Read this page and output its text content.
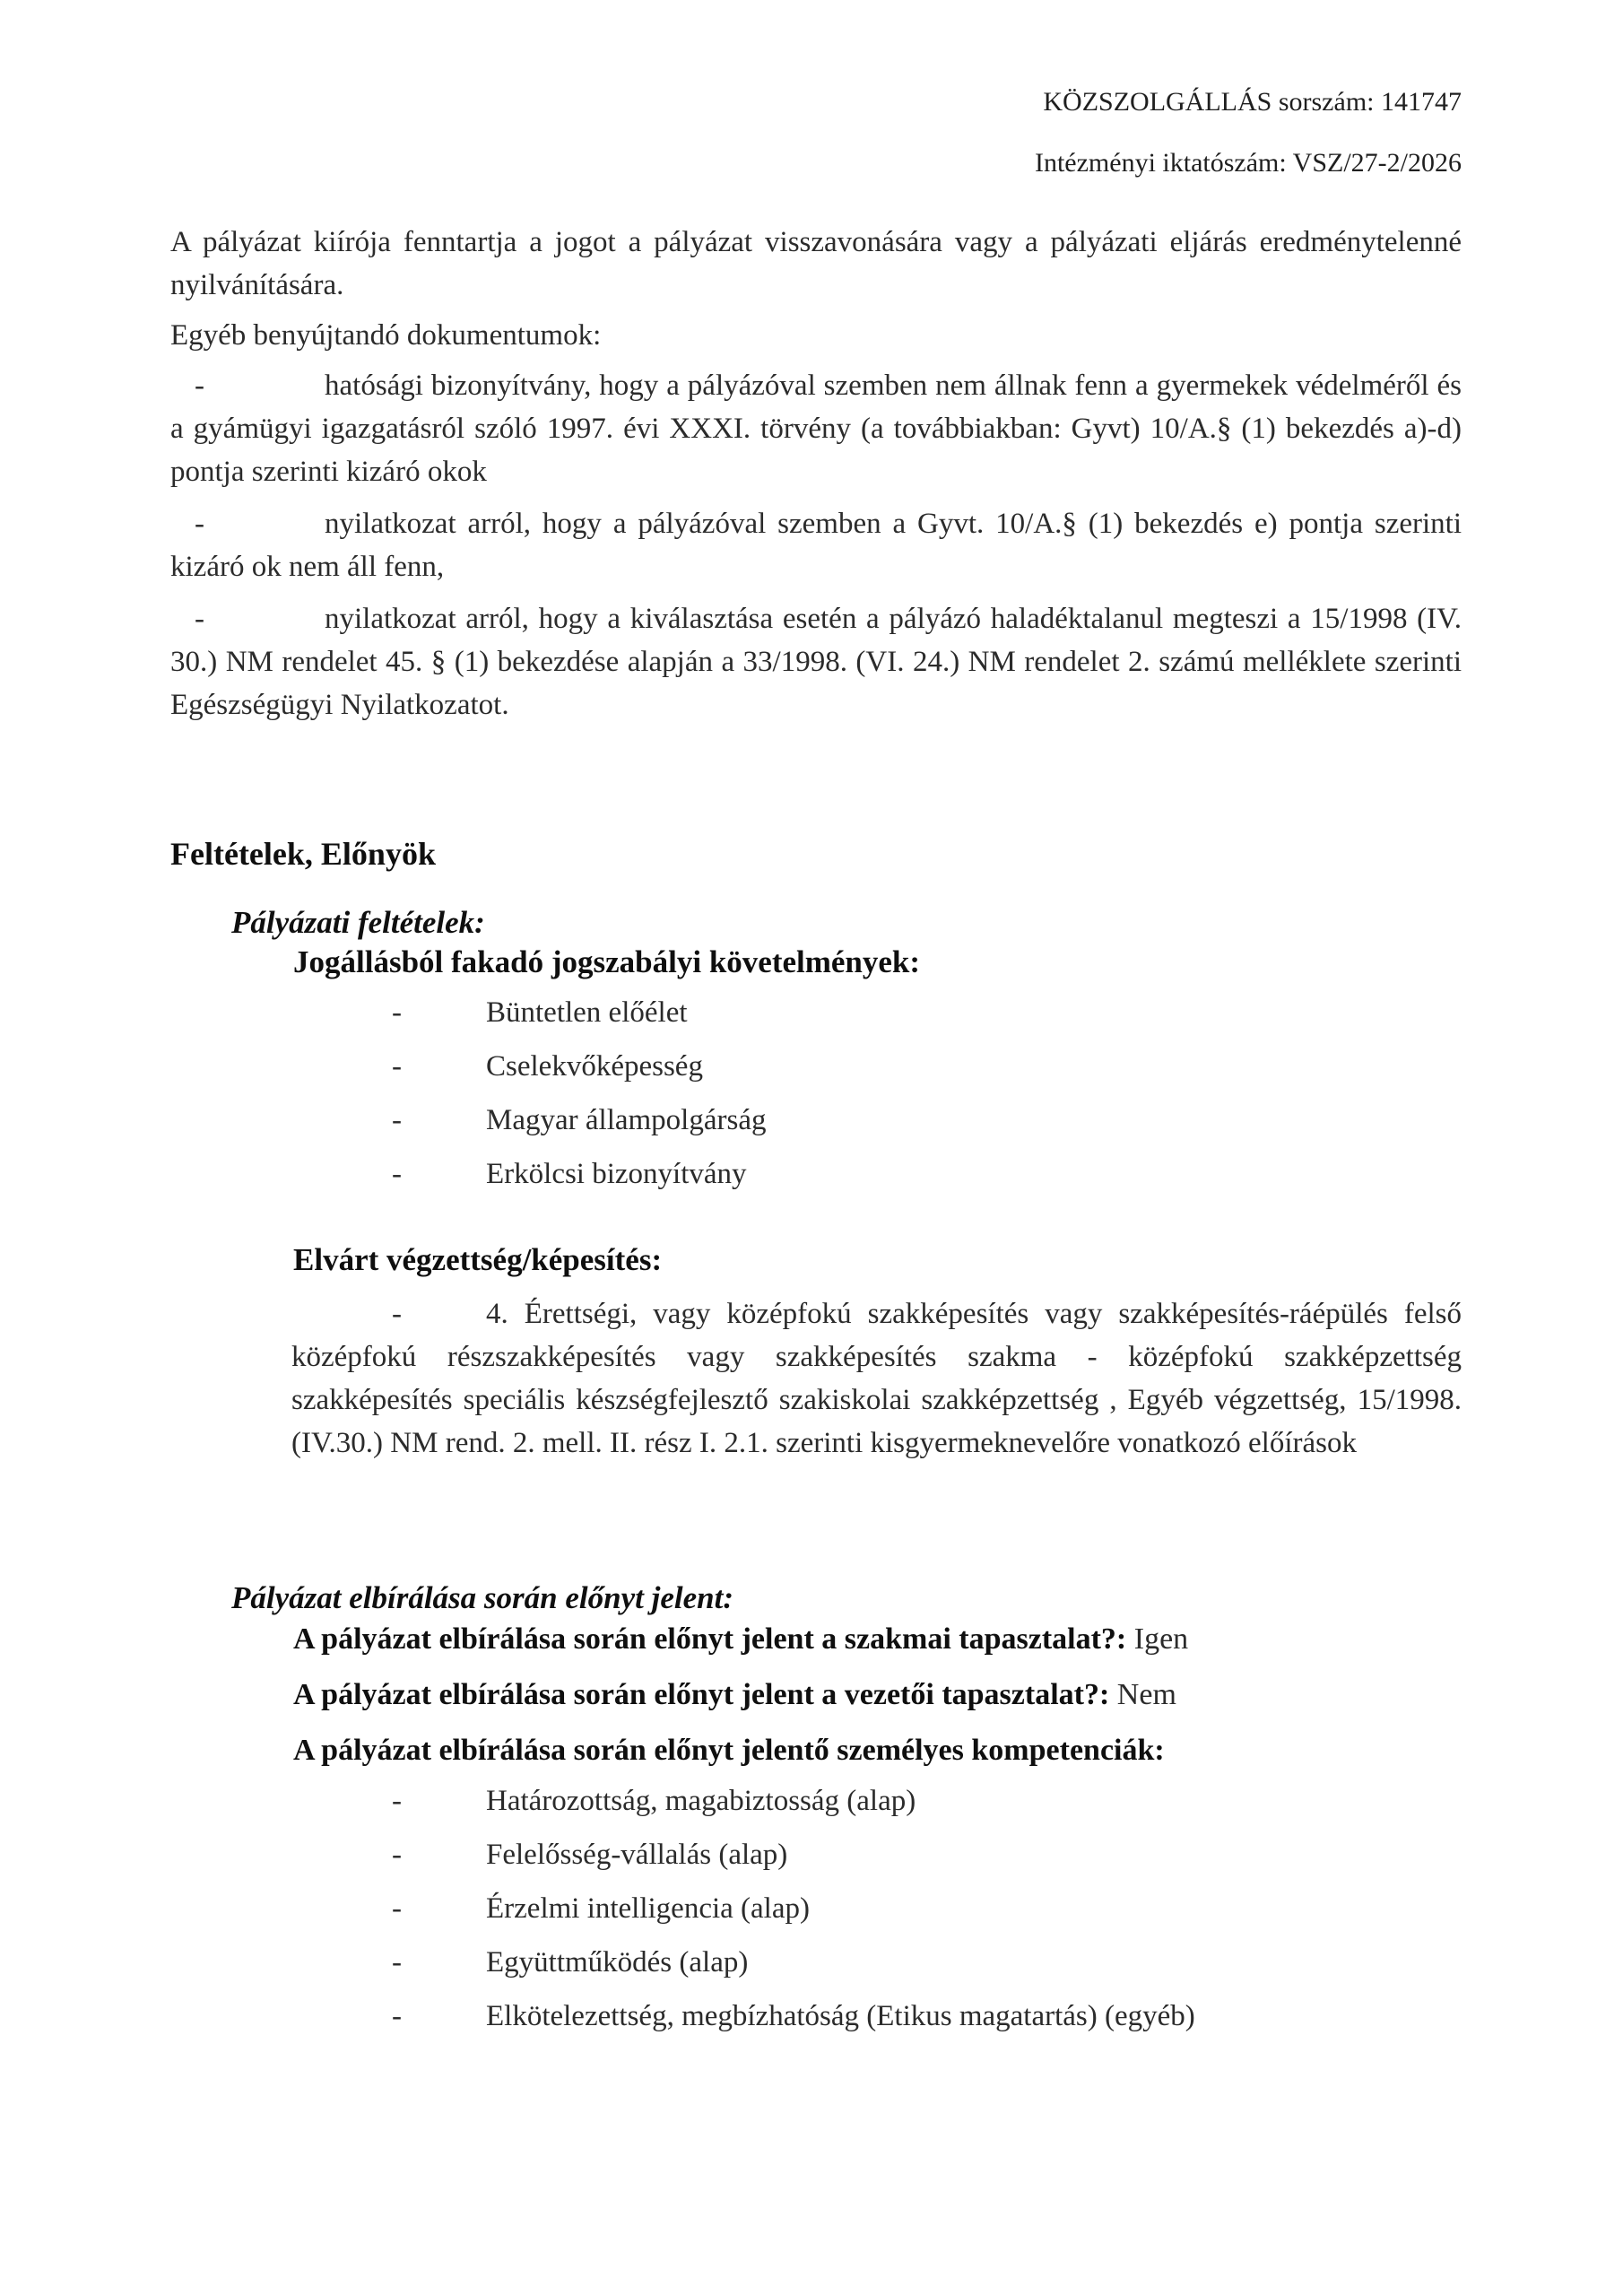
KÖZSZOLGÁLLÁS sorszám: 141747
Intézményi iktatószám: VSZ/27-2/2026

A pályázat kiírója fenntartja a jogot a pályázat visszavonására vagy a pályázati eljárás eredménytelenné nyilvánítására.

Egyéb benyújtandó dokumentumok:

-	hatósági bizonyítvány, hogy a pályázóval szemben nem állnak fenn a gyermekek védelméről és a gyámügyi igazgatásról szóló 1997. évi XXXI. törvény (a továbbiakban: Gyvt) 10/A.§ (1) bekezdés a)-d) pontja szerinti kizáró okok

-	nyilatkozat arról, hogy a pályázóval szemben a Gyvt. 10/A.§ (1) bekezdés e) pontja szerinti kizáró ok nem áll fenn,

-	nyilatkozat arról, hogy a kiválasztása esetén a pályázó haladéktalanul megteszi a 15/1998 (IV. 30.) NM rendelet 45. § (1) bekezdése alapján a 33/1998. (VI. 24.) NM rendelet 2. számú melléklete szerinti Egészségügyi Nyilatkozatot.

Feltételek, Előnyök
Pályázati feltételek:
Jogállásból fakadó jogszabályi követelmények:

-	Büntetlen előélet

-	Cselekvőképesség

-	Magyar állampolgárság

-	Erkölcsi bizonyítvány

Elvárt végzettség/képesítés:

-	4. Érettségi, vagy középfokú szakképesítés vagy szakképesítés-ráépülés felső középfokú részszakképesítés vagy szakképesítés szakma - középfokú szakképzettség szakképesítés speciális készségfejlesztő szakiskolai szakképzettség , Egyéb végzettség, 15/1998. (IV.30.) NM rend. 2. mell. II. rész I. 2.1. szerinti kisgyermeknevelőre vonatkozó előírások

Pályázat elbírálása során előnyt jelent:

A pályázat elbírálása során előnyt jelent a szakmai tapasztalat?: Igen

A pályázat elbírálása során előnyt jelent a vezetői tapasztalat?: Nem

A pályázat elbírálása során előnyt jelentő személyes kompetenciák:

-	Határozottság, magabiztosság (alap)

-	Felelősség-vállalás (alap)

-	Érzelmi intelligencia (alap)

-	Együttműködés (alap)

-	Elkötelezettség, megbízhatóság (Etikus magatartás) (egyéb)
